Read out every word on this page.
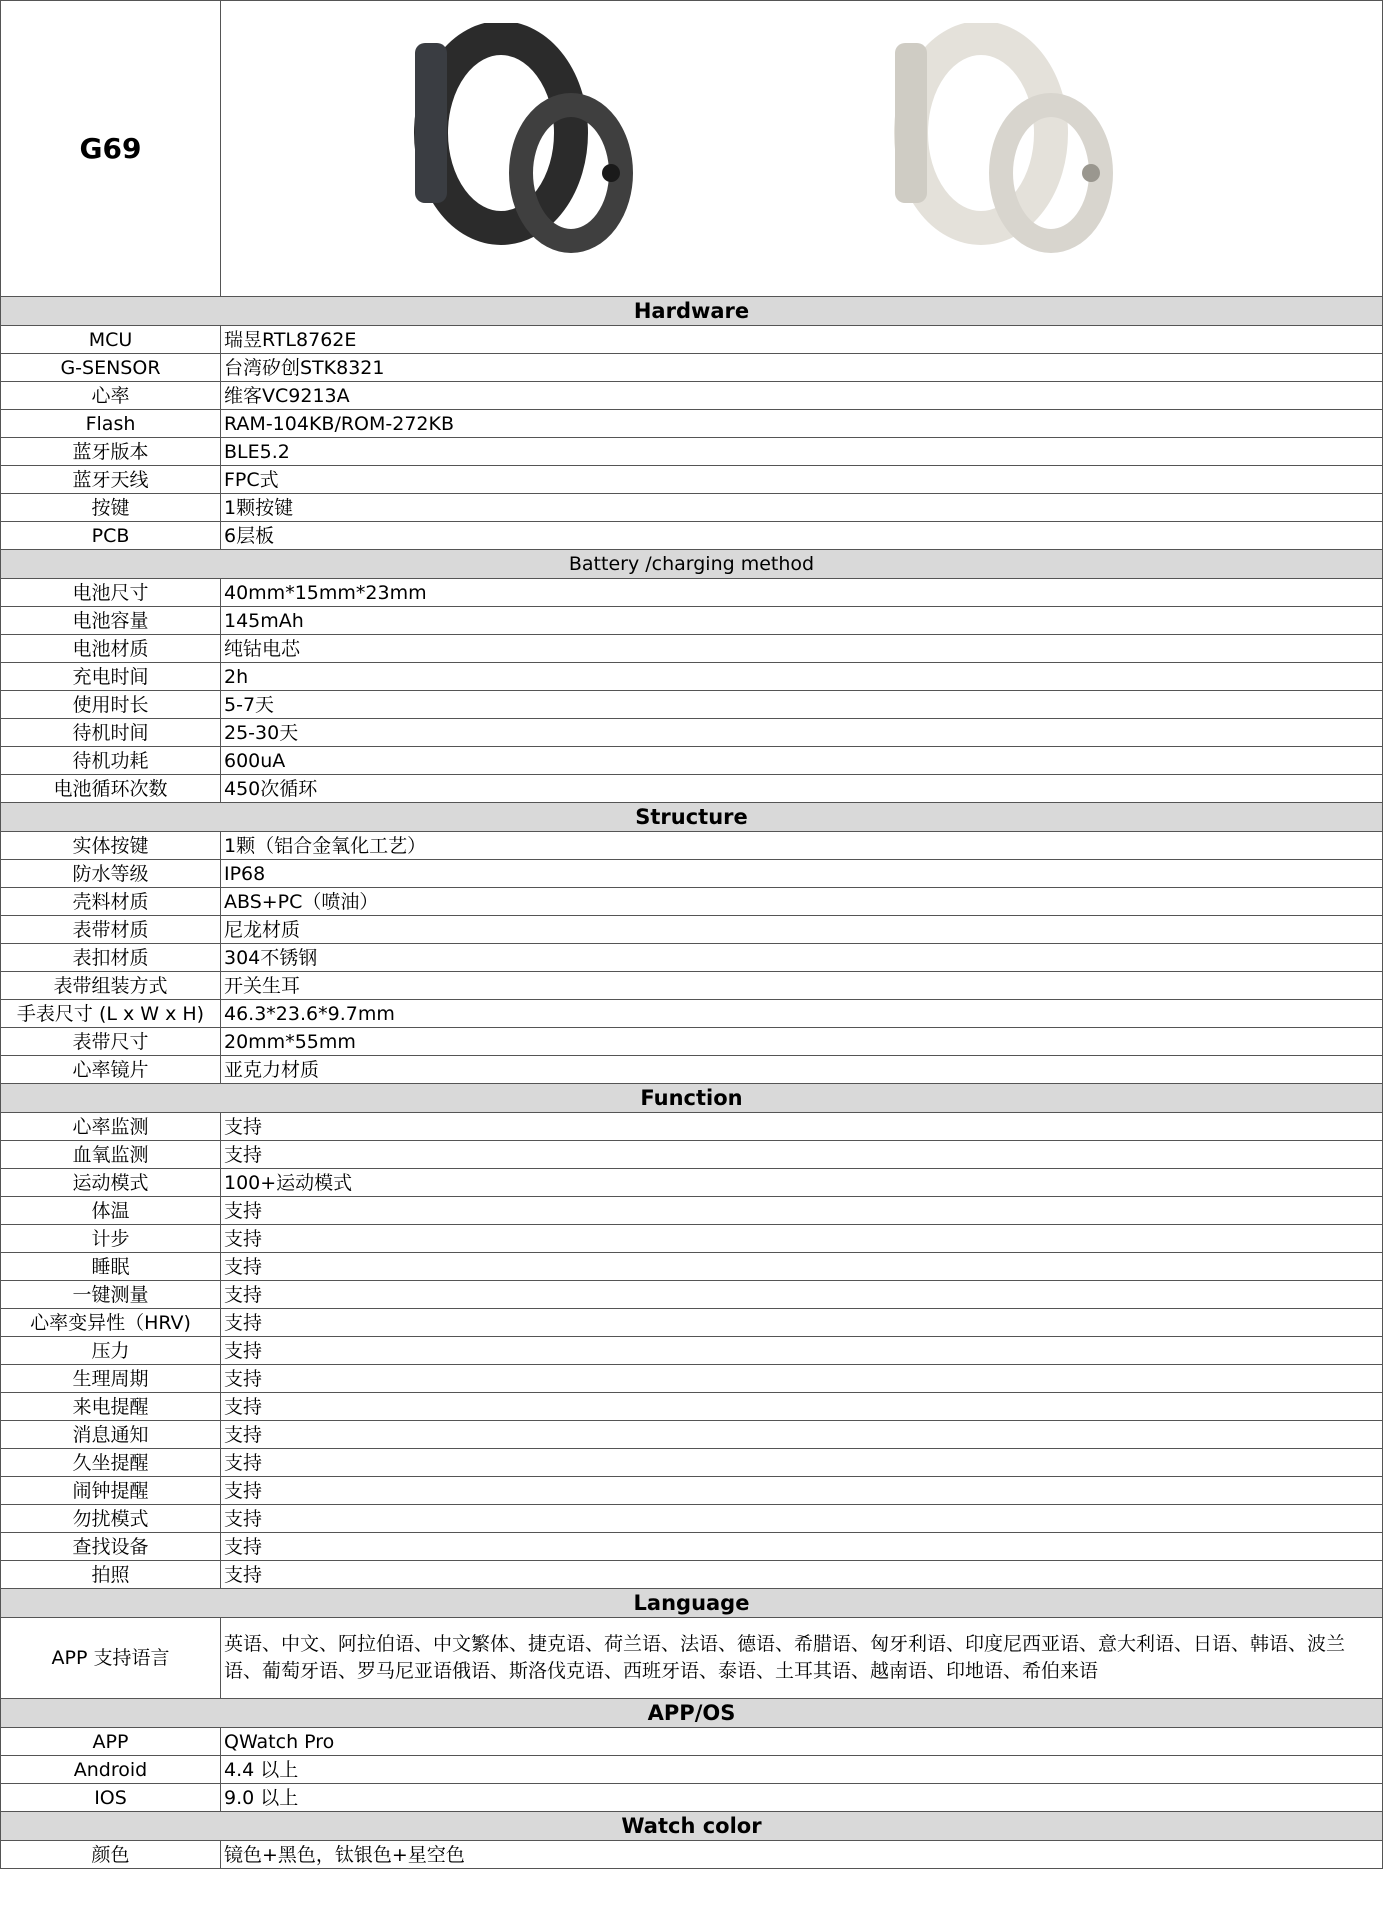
G69	

Hardware	
MCU	瑞昱RTL8762E
G-SENSOR	台湾矽创STK8321
心率	维客VC9213A
Flash	RAM-104KB/ROM-272KB
蓝牙版本	BLE5.2
蓝牙天线	FPC式
按键	1颗按键
PCB	6层板
Battery /charging method	
电池尺寸	40mm*15mm*23mm
电池容量	145mAh
电池材质	纯钴电芯
充电时间	2h
使用时长	5-7天
待机时间	25-30天
待机功耗	600uA
电池循环次数	450次循环
Structure	
实体按键	1颗（铝合金氧化工艺）
防水等级	IP68
壳料材质	ABS+PC（喷油）
表带材质	尼龙材质
表扣材质	304不锈钢
表带组装方式	开关生耳
手表尺寸 (L x W x H)	46.3*23.6*9.7mm
表带尺寸	20mm*55mm
心率镜片	亚克力材质
Function	
心率监测	支持
血氧监测	支持
运动模式	100+运动模式
体温	支持
计步	支持
睡眠	支持
一键测量	支持
心率变异性（HRV)	支持
压力	支持
生理周期	支持
来电提醒	支持
消息通知	支持
久坐提醒	支持
闹钟提醒	支持
勿扰模式	支持
查找设备	支持
拍照	支持
Language	
APP 支持语言	英语、中文、阿拉伯语、中文繁体、捷克语、荷兰语、法语、德语、希腊语、匈牙利语、印度尼西亚语、意大利语、日语、韩语、波兰语、葡萄牙语、罗马尼亚语俄语、斯洛伐克语、西班牙语、泰语、土耳其语、越南语、印地语、希伯来语
APP/OS	
APP	QWatch Pro
Android	4.4 以上
IOS	9.0 以上
Watch color	
颜色	镜色+黑色，钛银色+星空色
